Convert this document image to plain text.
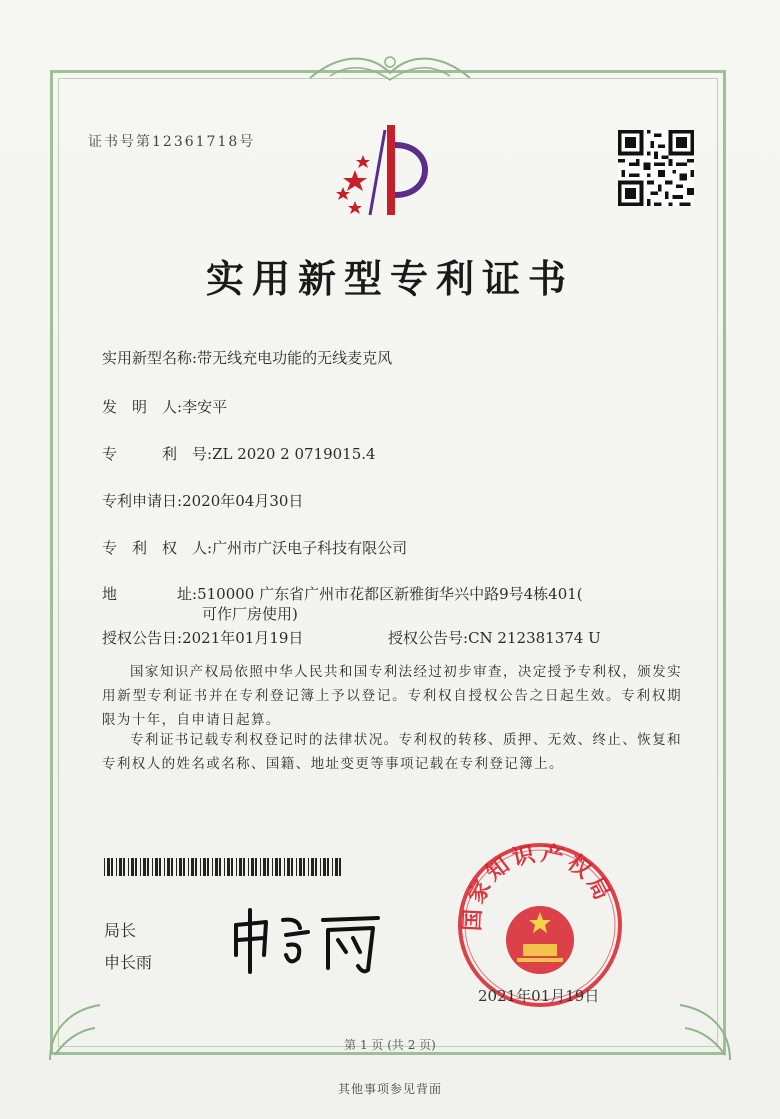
证书号第12361718号
实用新型专利证书
实用新型名称:带无线充电功能的无线麦克风
发　明　人:李安平
专　　　利　号:ZL 2020 2 0719015.4
专利申请日:2020年04月30日
专　利　权　人:广州市广沃电子科技有限公司
地　　　　址:510000 广东省广州市花都区新雅街华兴中路9号4栋401(
可作厂房使用)
授权公告日:2021年01月19日	授权公告号:CN 212381374 U
国家知识产权局依照中华人民共和国专利法经过初步审查，决定授予专利权，颁发实用新型专利证书并在专利登记簿上予以登记。专利权自授权公告之日起生效。专利权期限为十年，自申请日起算。
专利证书记载专利权登记时的法律状况。专利权的转移、质押、无效、终止、恢复和专利权人的姓名或名称、国籍、地址变更等事项记载在专利登记簿上。
局长
申长雨
国家知识产权局
2021年01月19日
第 1 页 (共 2 页)
其他事项参见背面
